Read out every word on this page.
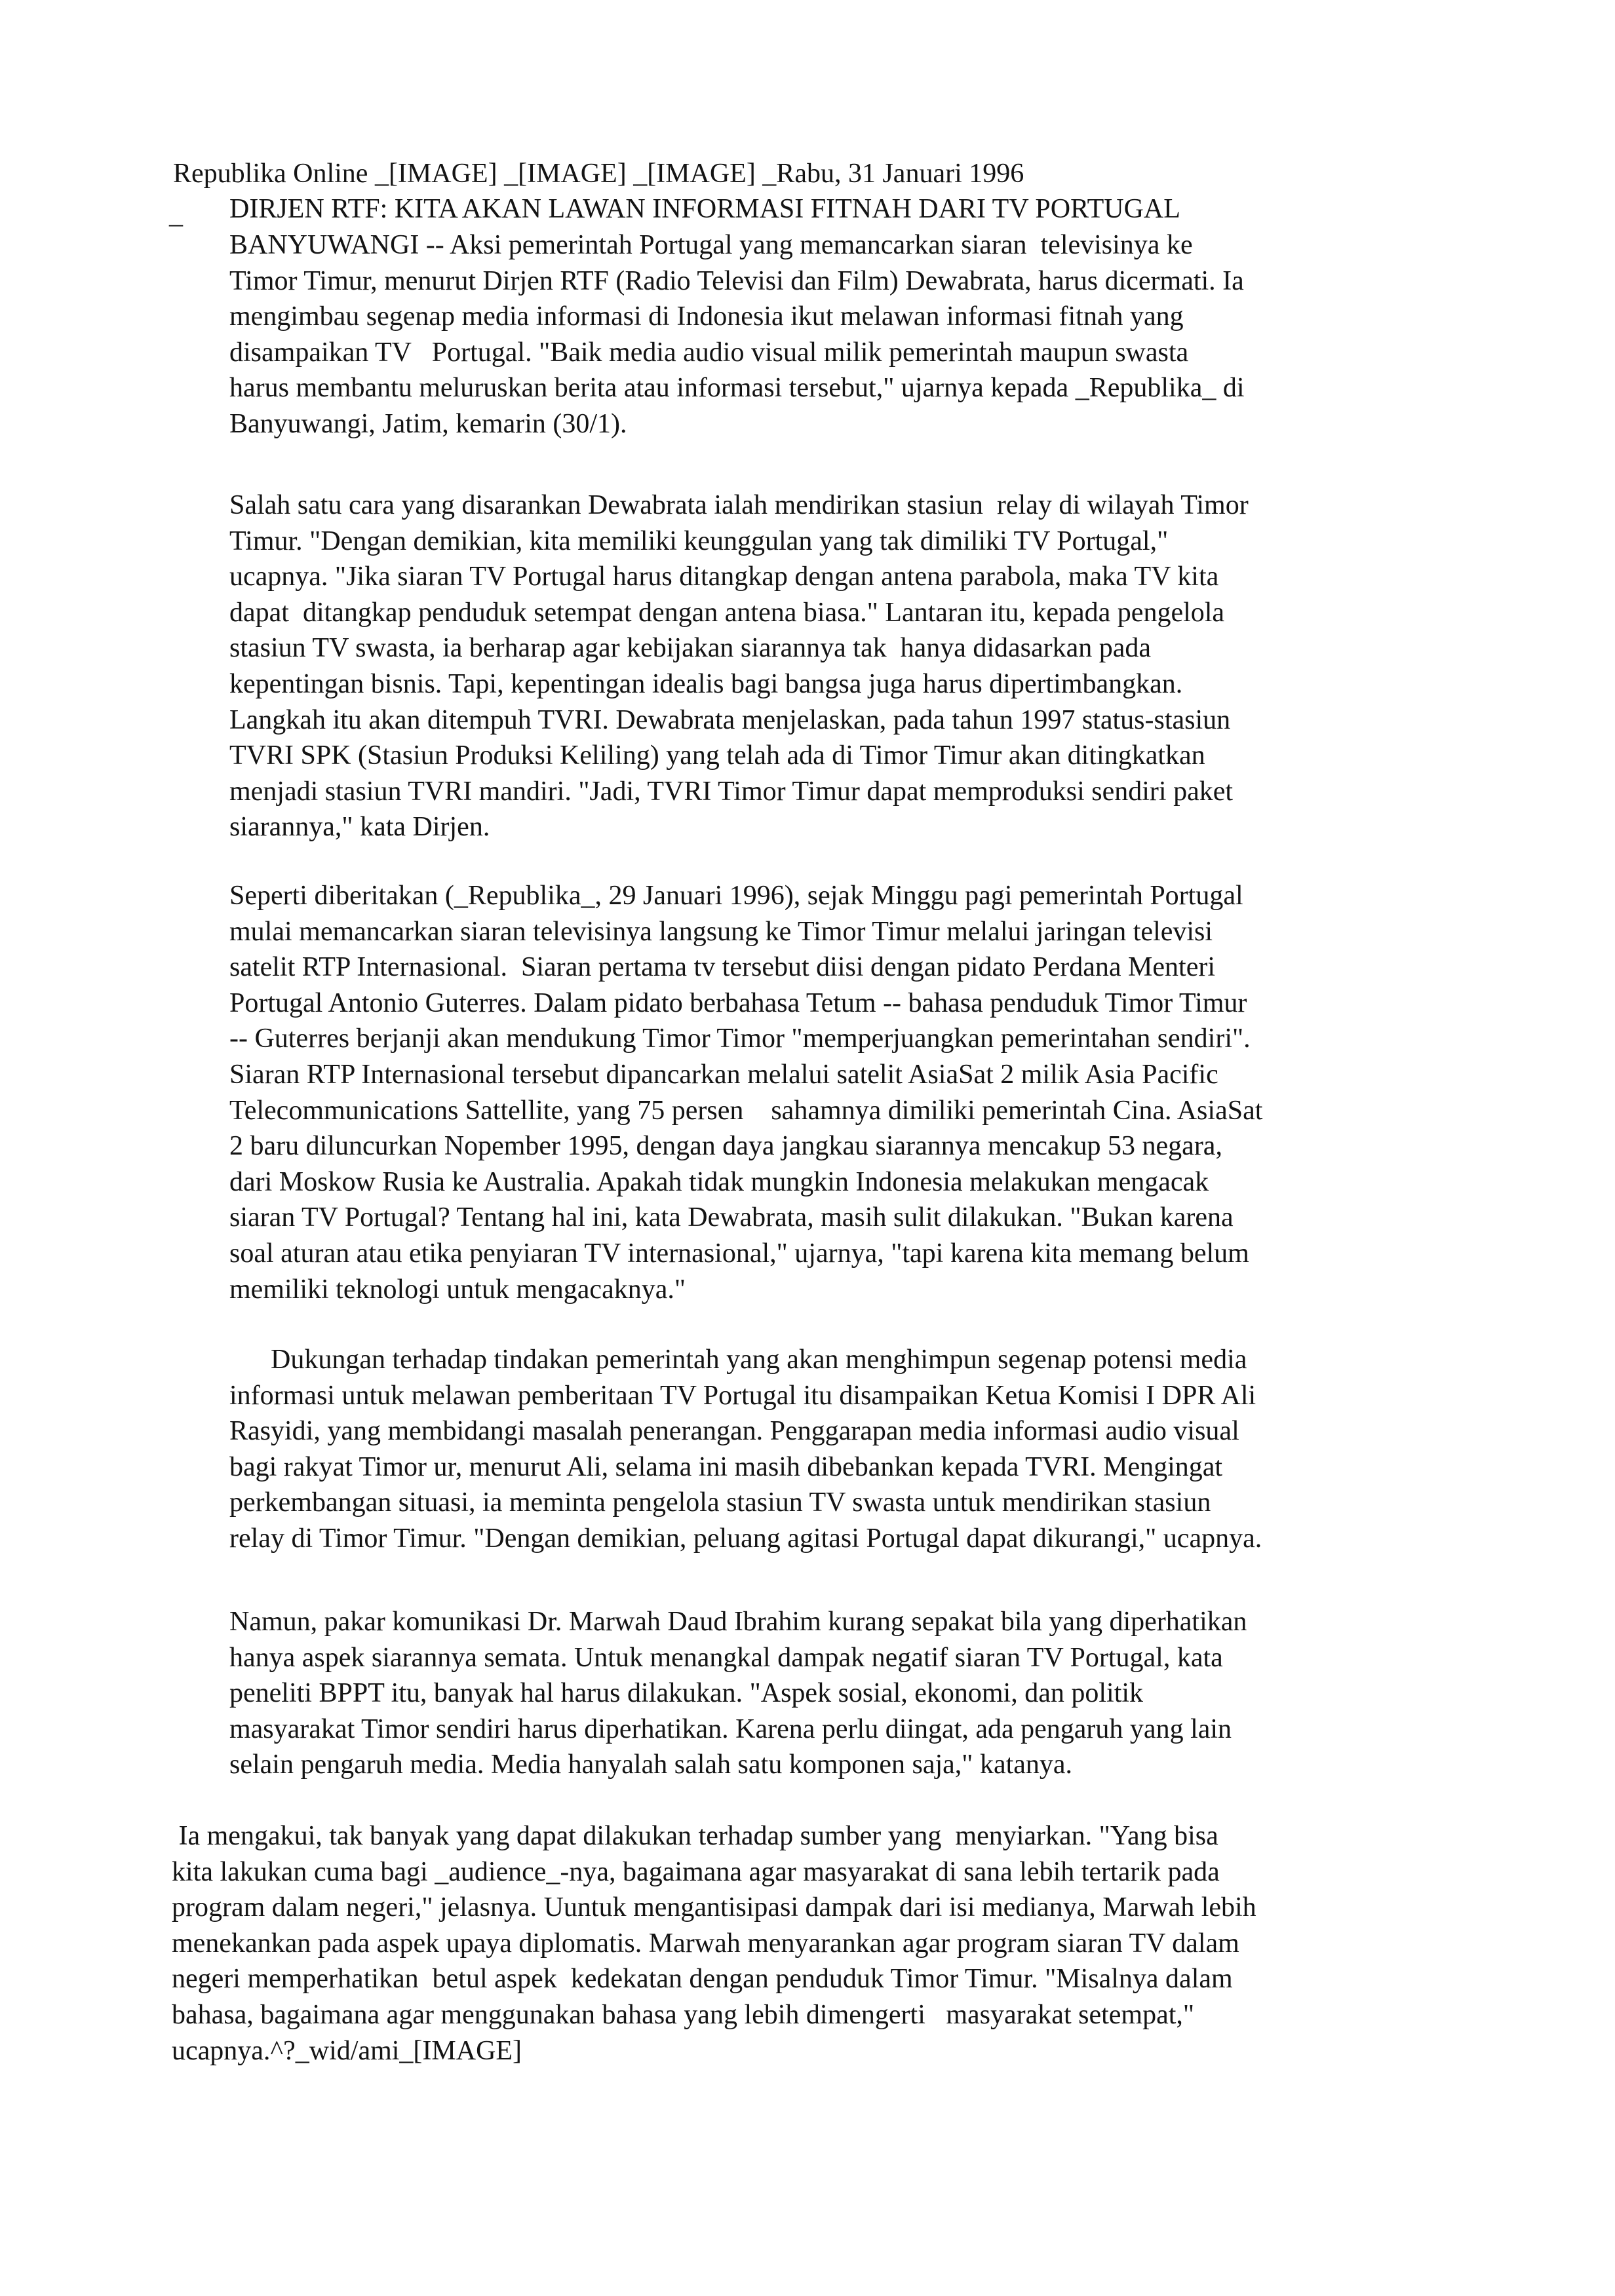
Republika Online _[IMAGE] _[IMAGE] _[IMAGE] _Rabu, 31 Januari 1996
_ DIRJEN RTF: KITA AKAN LAWAN INFORMASI FITNAH DARI TV PORTUGAL
BANYUWANGI -- Aksi pemerintah Portugal yang memancarkan siaran  televisinya ke
Timor Timur, menurut Dirjen RTF (Radio Televisi dan Film) Dewabrata, harus dicermati. Ia
mengimbau segenap media informasi di Indonesia ikut melawan informasi fitnah yang
disampaikan TV   Portugal. "Baik media audio visual milik pemerintah maupun swasta
harus membantu meluruskan berita atau informasi tersebut," ujarnya kepada _Republika_ di
Banyuwangi, Jatim, kemarin (30/1).
Salah satu cara yang disarankan Dewabrata ialah mendirikan stasiun  relay di wilayah Timor
Timur. "Dengan demikian, kita memiliki keunggulan yang tak dimiliki TV Portugal,"
ucapnya. "Jika siaran TV Portugal harus ditangkap dengan antena parabola, maka TV kita
dapat  ditangkap penduduk setempat dengan antena biasa." Lantaran itu, kepada pengelola
stasiun TV swasta, ia berharap agar kebijakan siarannya tak  hanya didasarkan pada
kepentingan bisnis. Tapi, kepentingan idealis bagi bangsa juga harus dipertimbangkan.
Langkah itu akan ditempuh TVRI. Dewabrata menjelaskan, pada tahun 1997 status-stasiun
TVRI SPK (Stasiun Produksi Keliling) yang telah ada di Timor Timur akan ditingkatkan
menjadi stasiun TVRI mandiri. "Jadi, TVRI Timor Timur dapat memproduksi sendiri paket
siarannya," kata Dirjen.
Seperti diberitakan (_Republika_, 29 Januari 1996), sejak Minggu pagi pemerintah Portugal
mulai memancarkan siaran televisinya langsung ke Timor Timur melalui jaringan televisi
satelit RTP Internasional.  Siaran pertama tv tersebut diisi dengan pidato Perdana Menteri
Portugal Antonio Guterres. Dalam pidato berbahasa Tetum -- bahasa penduduk Timor Timur
-- Guterres berjanji akan mendukung Timor Timor "memperjuangkan pemerintahan sendiri".
Siaran RTP Internasional tersebut dipancarkan melalui satelit AsiaSat 2 milik Asia Pacific
Telecommunications Sattellite, yang 75 persen    sahamnya dimiliki pemerintah Cina. AsiaSat
2 baru diluncurkan Nopember 1995, dengan daya jangkau siarannya mencakup 53 negara,
dari Moskow Rusia ke Australia. Apakah tidak mungkin Indonesia melakukan mengacak
siaran TV Portugal? Tentang hal ini, kata Dewabrata, masih sulit dilakukan. "Bukan karena
soal aturan atau etika penyiaran TV internasional," ujarnya, "tapi karena kita memang belum
memiliki teknologi untuk mengacaknya."
Dukungan terhadap tindakan pemerintah yang akan menghimpun segenap potensi media
informasi untuk melawan pemberitaan TV Portugal itu disampaikan Ketua Komisi I DPR Ali
Rasyidi, yang membidangi masalah penerangan. Penggarapan media informasi audio visual
bagi rakyat Timor ur, menurut Ali, selama ini masih dibebankan kepada TVRI. Mengingat
perkembangan situasi, ia meminta pengelola stasiun TV swasta untuk mendirikan stasiun
relay di Timor Timur. "Dengan demikian, peluang agitasi Portugal dapat dikurangi," ucapnya.
Namun, pakar komunikasi Dr. Marwah Daud Ibrahim kurang sepakat bila yang diperhatikan
hanya aspek siarannya semata. Untuk menangkal dampak negatif siaran TV Portugal, kata
peneliti BPPT itu, banyak hal harus dilakukan. "Aspek sosial, ekonomi, dan politik
masyarakat Timor sendiri harus diperhatikan. Karena perlu diingat, ada pengaruh yang lain
selain pengaruh media. Media hanyalah salah satu komponen saja," katanya.
Ia mengakui, tak banyak yang dapat dilakukan terhadap sumber yang  menyiarkan. "Yang bisa
kita lakukan cuma bagi _audience_-nya, bagaimana agar masyarakat di sana lebih tertarik pada
program dalam negeri," jelasnya. Uuntuk mengantisipasi dampak dari isi medianya, Marwah lebih
menekankan pada aspek upaya diplomatis. Marwah menyarankan agar program siaran TV dalam
negeri memperhatikan  betul aspek  kedekatan dengan penduduk Timor Timur. "Misalnya dalam
bahasa, bagaimana agar menggunakan bahasa yang lebih dimengerti   masyarakat setempat,"
ucapnya.^?_wid/ami_[IMAGE]
